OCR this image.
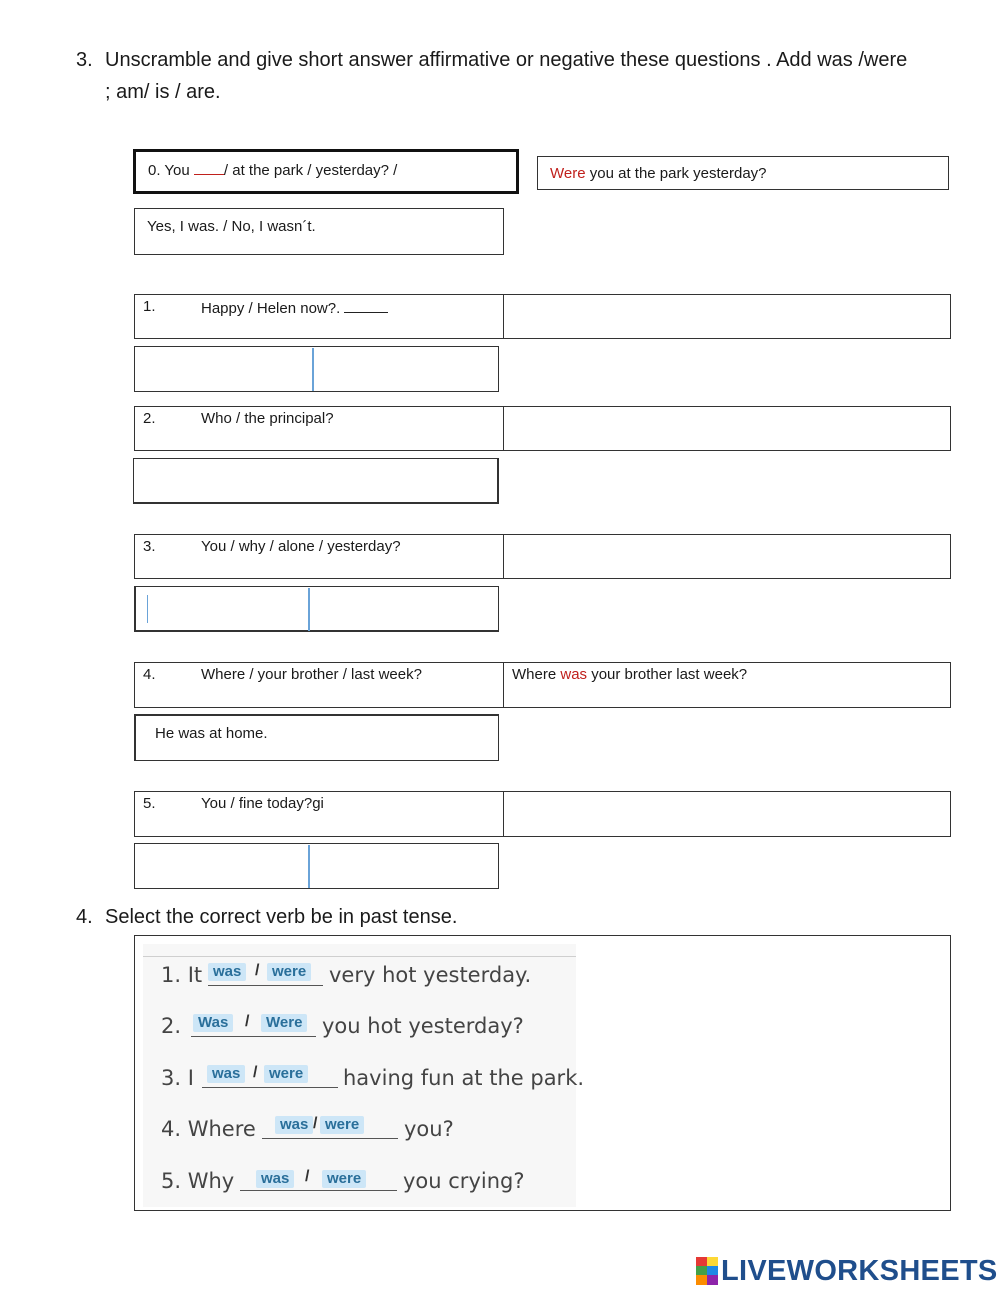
3. Unscramble and give short answer affirmative or negative these questions . Add was /were
; am/ is / are.
0. You / at the park / yesterday? /	Were you at the park yesterday?
Yes, I was. / No, I wasn´t.
1.	Happy / Helen now?.
2.	Who / the principal?
3.	You / why / alone / yesterday?
4.	Where / your brother / last week?	Where was your brother last week?
He was at home.
5.	You / fine today?gi
4. Select the correct verb be in past tense.
1. It was / were very hot yesterday.
2.	Was	/	Were you hot yesterday?
3. I	was / were having fun at the park.
4. Where	was / were you?
5. Why	was /	were you crying?
LIVEWORKSHEETS
